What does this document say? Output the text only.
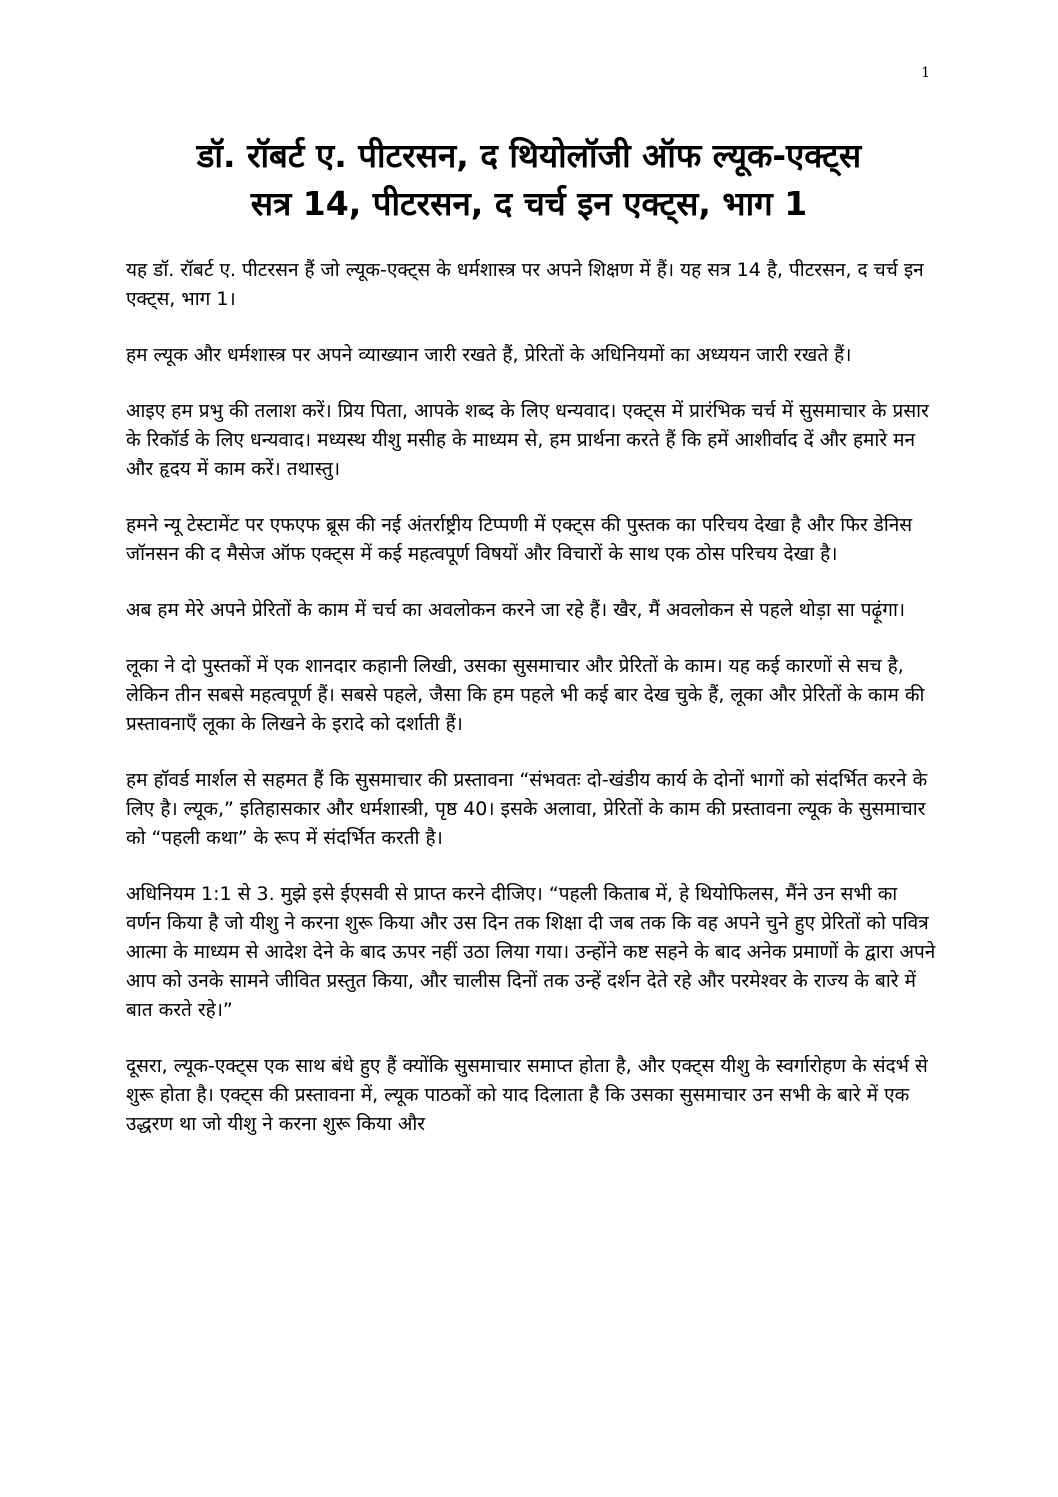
1
डॉ. रॉबर्ट ए. पीटरसन, द थियोलॉजी ऑफ ल्यूक-एक्ट्स
सत्र 14, पीटरसन, द चर्च इन एक्ट्स, भाग 1

यह डॉ. रॉबर्ट ए. पीटरसन हैं जो ल्यूक-एक्ट्स के धर्मशास्त्र पर अपने शिक्षण में हैं। यह सत्र 14 है, पीटरसन, द चर्च इन एक्ट्स, भाग 1।

हम ल्यूक और धर्मशास्त्र पर अपने व्याख्यान जारी रखते हैं, प्रेरितों के अधिनियमों का अध्ययन जारी रखते हैं।

आइए हम प्रभु की तलाश करें। प्रिय पिता, आपके शब्द के लिए धन्यवाद। एक्ट्स में प्रारंभिक चर्च में सुसमाचार के प्रसार के रिकॉर्ड के लिए धन्यवाद। मध्यस्थ यीशु मसीह के माध्यम से, हम प्रार्थना करते हैं कि हमें आशीर्वाद दें और हमारे मन और हृदय में काम करें। तथास्तु।

हमने न्यू टेस्टामेंट पर एफएफ ब्रूस की नई अंतर्राष्ट्रीय टिप्पणी में एक्ट्स की पुस्तक का परिचय देखा है और फिर डेनिस जॉनसन की द मैसेज ऑफ एक्ट्स में कई महत्वपूर्ण विषयों और विचारों के साथ एक ठोस परिचय देखा है।

अब हम मेरे अपने प्रेरितों के काम में चर्च का अवलोकन करने जा रहे हैं। खैर, मैं अवलोकन से पहले थोड़ा सा पढ़ूंगा।

लूका ने दो पुस्तकों में एक शानदार कहानी लिखी, उसका सुसमाचार और प्रेरितों के काम। यह कई कारणों से सच है, लेकिन तीन सबसे महत्वपूर्ण हैं। सबसे पहले, जैसा कि हम पहले भी कई बार देख चुके हैं, लूका और प्रेरितों के काम की प्रस्तावनाएँ लूका के लिखने के इरादे को दर्शाती हैं।

हम हॉवर्ड मार्शल से सहमत हैं कि सुसमाचार की प्रस्तावना “संभवतः दो-खंडीय कार्य के दोनों भागों को संदर्भित करने के लिए है। ल्यूक,” इतिहासकार और धर्मशास्त्री, पृष्ठ 40। इसके अलावा, प्रेरितों के काम की प्रस्तावना ल्यूक के सुसमाचार को “पहली कथा” के रूप में संदर्भित करती है।

अधिनियम 1:1 से 3. मुझे इसे ईएसवी से प्राप्त करने दीजिए। “पहली किताब में, हे थियोफिलस, मैंने उन सभी का वर्णन किया है जो यीशु ने करना शुरू किया और उस दिन तक शिक्षा दी जब तक कि वह अपने चुने हुए प्रेरितों को पवित्र आत्मा के माध्यम से आदेश देने के बाद ऊपर नहीं उठा लिया गया। उन्होंने कष्ट सहने के बाद अनेक प्रमाणों के द्वारा अपने आप को उनके सामने जीवित प्रस्तुत किया, और चालीस दिनों तक उन्हें दर्शन देते रहे और परमेश्वर के राज्य के बारे में बात करते रहे।”

दूसरा, ल्यूक-एक्ट्स एक साथ बंधे हुए हैं क्योंकि सुसमाचार समाप्त होता है, और एक्ट्स यीशु के स्वर्गारोहण के संदर्भ से शुरू होता है। एक्ट्स की प्रस्तावना में, ल्यूक पाठकों को याद दिलाता है कि उसका सुसमाचार उन सभी के बारे में एक उद्धरण था जो यीशु ने करना शुरू किया और
